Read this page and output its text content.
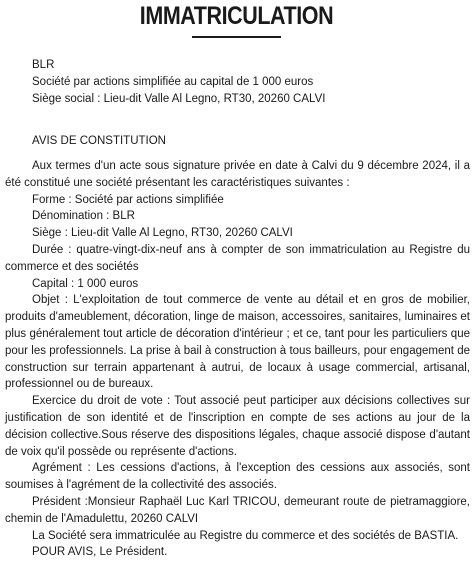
IMMATRICULATION
BLR
Société par actions simplifiée au capital de 1 000 euros
Siège social : Lieu-dit Valle Al Legno, RT30, 20260 CALVI
AVIS DE CONSTITUTION

Aux termes d'un acte sous signature privée en date à Calvi du 9 décembre 2024, il a été constitué une société présentant les caractéristiques suivantes :

Forme : Société par actions simplifiée

Dénomination : BLR

Siège : Lieu-dit Valle Al Legno, RT30, 20260 CALVI

Durée : quatre-vingt-dix-neuf ans à compter de son immatriculation au Registre du commerce et des sociétés

Capital : 1 000 euros

Objet : L'exploitation de tout commerce de vente au détail et en gros de mobilier, produits d'ameublement, décoration, linge de maison, accessoires, sanitaires, luminaires et plus généralement tout article de décoration d'intérieur ; et ce, tant pour les particuliers que pour les professionnels. La prise à bail à construction à tous bailleurs, pour engagement de construction sur terrain appartenant à autrui, de locaux à usage commercial, artisanal, professionnel ou de bureaux.

Exercice du droit de vote : Tout associé peut participer aux décisions collectives sur justification de son identité et de l'inscription en compte de ses actions au jour de la décision collective.Sous réserve des dispositions légales, chaque associé dispose d'autant de voix qu'il possède ou représente d'actions.

Agrément : Les cessions d'actions, à l'exception des cessions aux associés, sont soumises à l'agrément de la collectivité des associés.

Président :Monsieur Raphaël Luc Karl TRICOU, demeurant route de pietramaggiore, chemin de l'Amadulettu, 20260 CALVI

La Société sera immatriculée au Registre du commerce et des sociétés de BASTIA.

POUR AVIS, Le Président.
